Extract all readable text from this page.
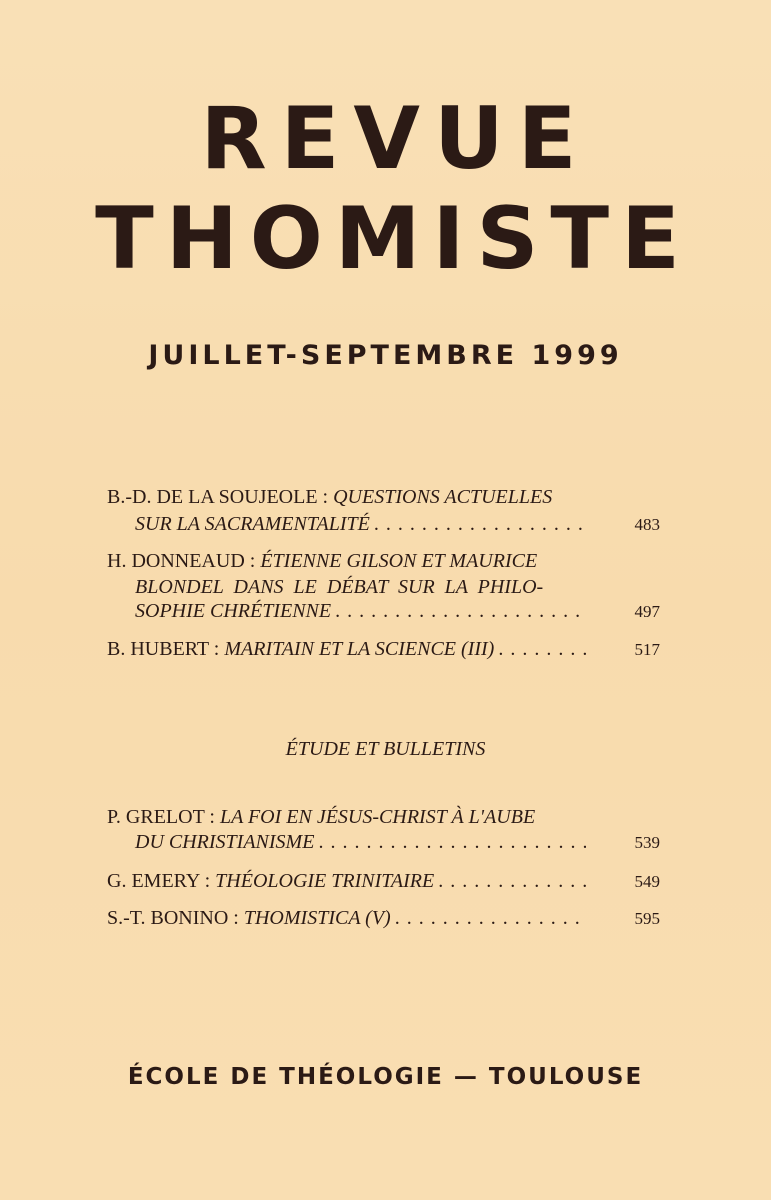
REVUE
THOMISTE
JUILLET-SEPTEMBRE 1999
B.-D. DE LA SOUJEOLE :
QUESTIONS ACTUELLES
SUR LA SACRAMENTALITÉ . . .	483
H. DONNEAUD :
ÉTIENNE GILSON ET MAURICE
BLONDEL DANS LE DÉBAT SUR LA PHILO-
SOPHIE CHRÉTIENNE . . .	497
B. HUBERT :
MARITAIN ET LA SCIENCE (III) . . .	517
ÉTUDE ET BULLETINS
P. GRELOT :
LA FOI EN JÉSUS-CHRIST À L'AUBE
DU CHRISTIANISME . . .	539
G. EMERY :
THÉOLOGIE TRINITAIRE . . .	549
S.-T. BONINO :
THOMISTICA (V) . . .	595
ÉCOLE DE THÉOLOGIE — TOULOUSE
